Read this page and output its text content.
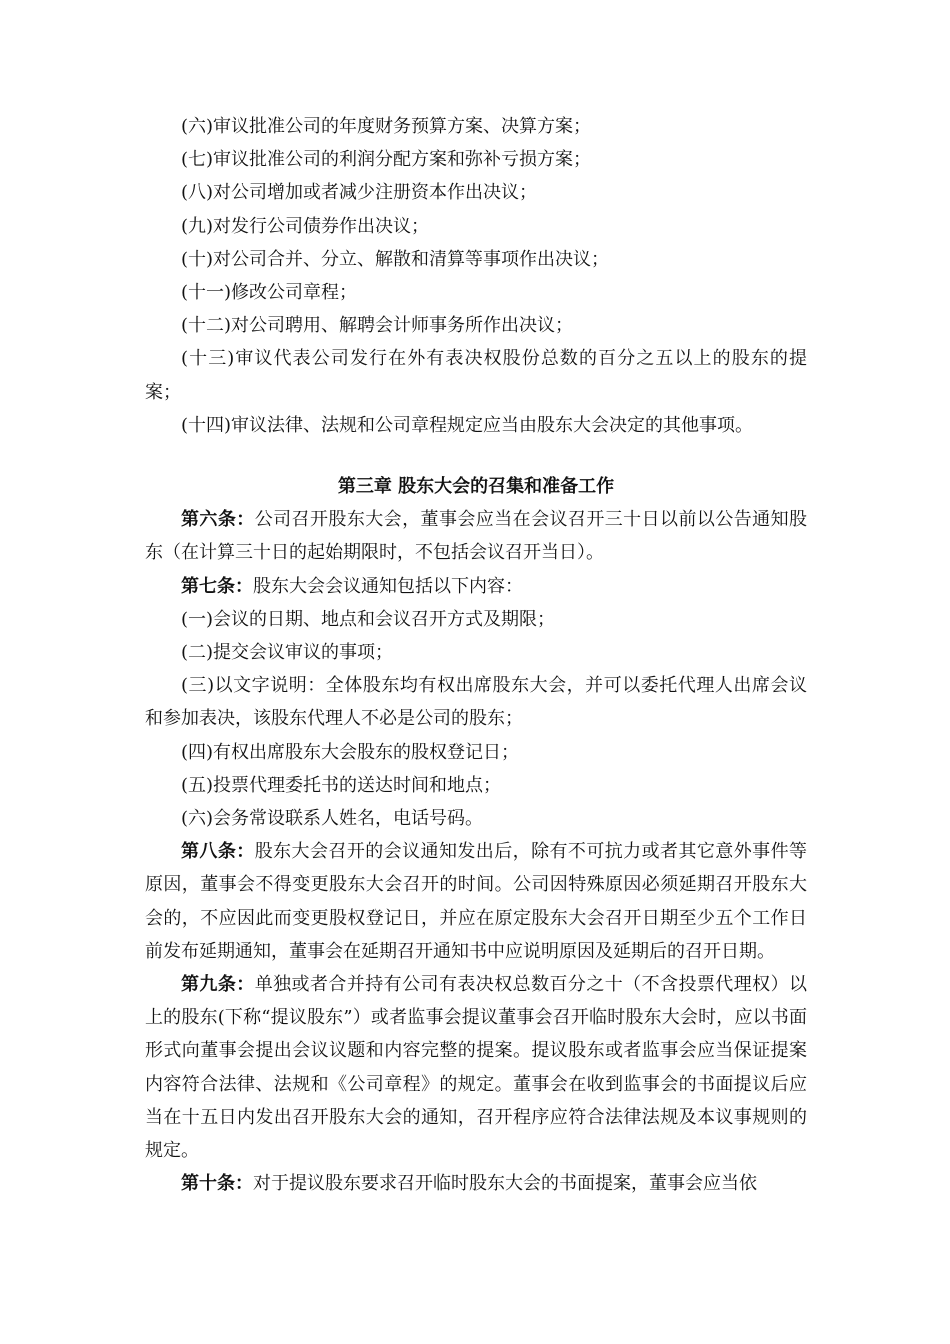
(六)审议批准公司的年度财务预算方案、决算方案；

(七)审议批准公司的利润分配方案和弥补亏损方案；

(八)对公司增加或者减少注册资本作出决议；

(九)对发行公司债券作出决议；

(十)对公司合并、分立、解散和清算等事项作出决议；

(十一)修改公司章程；

(十二)对公司聘用、解聘会计师事务所作出决议；

(十三)审议代表公司发行在外有表决权股份总数的百分之五以上的股东的提案；

(十四)审议法律、法规和公司章程规定应当由股东大会决定的其他事项。

第三章 股东大会的召集和准备工作

第六条：公司召开股东大会，董事会应当在会议召开三十日以前以公告通知股东（在计算三十日的起始期限时，不包括会议召开当日）。

第七条：股东大会会议通知包括以下内容：

(一)会议的日期、地点和会议召开方式及期限；

(二)提交会议审议的事项；

(三)以文字说明：全体股东均有权出席股东大会，并可以委托代理人出席会议和参加表决，该股东代理人不必是公司的股东；

(四)有权出席股东大会股东的股权登记日；

(五)投票代理委托书的送达时间和地点；

(六)会务常设联系人姓名，电话号码。

第八条：股东大会召开的会议通知发出后，除有不可抗力或者其它意外事件等原因，董事会不得变更股东大会召开的时间。公司因特殊原因必须延期召开股东大会的，不应因此而变更股权登记日，并应在原定股东大会召开日期至少五个工作日前发布延期通知，董事会在延期召开通知书中应说明原因及延期后的召开日期。

第九条：单独或者合并持有公司有表决权总数百分之十（不含投票代理权）以上的股东(下称“提议股东”）或者监事会提议董事会召开临时股东大会时，应以书面形式向董事会提出会议议题和内容完整的提案。提议股东或者监事会应当保证提案内容符合法律、法规和《公司章程》的规定。董事会在收到监事会的书面提议后应当在十五日内发出召开股东大会的通知，召开程序应符合法律法规及本议事规则的规定。

第十条：对于提议股东要求召开临时股东大会的书面提案，董事会应当依
